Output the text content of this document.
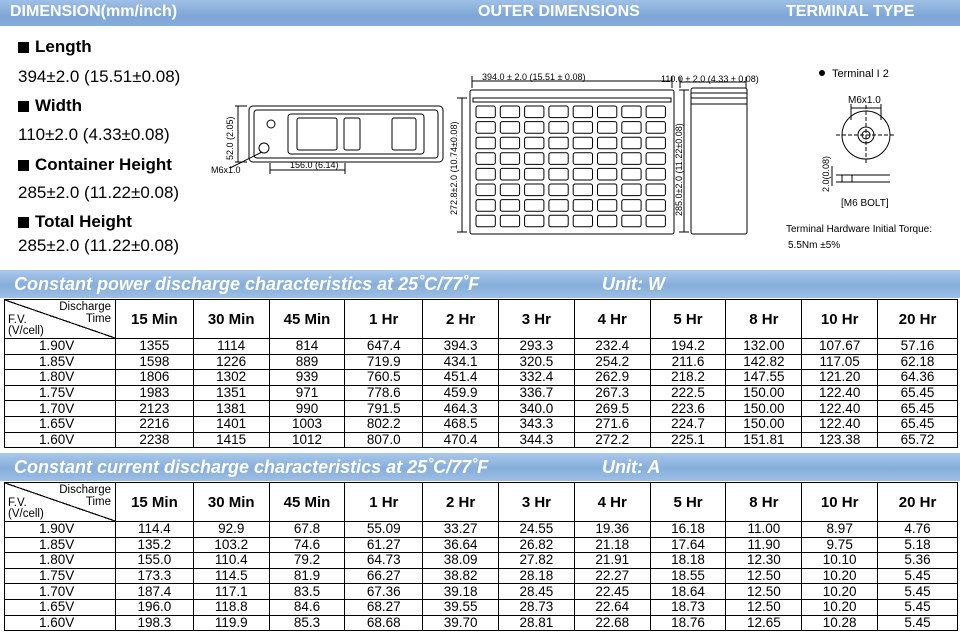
DIMENSION(mm/inch)	OUTER DIMENSIONS	TERMINAL TYPE
Length
394±2.0 (15.51±0.08)
Width
110±2.0 (4.33±0.08)
Container Height
285±2.0 (11.22±0.08)
Total Height
285±2.0 (11.22±0.08)
52.0 (2.05)
156.0 (6.14)
M6x1.0
394.0 ± 2.0 (15.51 ± 0.08)
272.8±2.0 (10.74±0.08)
110.0 ± 2.0 (4.33 ± 0.08)
285.0±2.0 (11.22±0.08)
Terminal I 2
M6x1.0
2.0(0.08)
[M6 BOLT]
Terminal Hardware Initial Torque:
5.5Nm ±5%
Constant power discharge characteristics at 25˚C/77˚F	Unit: W
Discharge
Time
F.V.
(V/cell)	15 Min	30 Min	45 Min	1 Hr	2 Hr	3 Hr	4 Hr	5 Hr	8 Hr	10 Hr	20 Hr
1.90V	1355	1114	814	647.4	394.3	293.3	232.4	194.2	132.00	107.67	57.16
1.85V	1598	1226	889	719.9	434.1	320.5	254.2	211.6	142.82	117.05	62.18
1.80V	1806	1302	939	760.5	451.4	332.4	262.9	218.2	147.55	121.20	64.36
1.75V	1983	1351	971	778.6	459.9	336.7	267.3	222.5	150.00	122.40	65.45
1.70V	2123	1381	990	791.5	464.3	340.0	269.5	223.6	150.00	122.40	65.45
1.65V	2216	1401	1003	802.2	468.5	343.3	271.6	224.7	150.00	122.40	65.45
1.60V	2238	1415	1012	807.0	470.4	344.3	272.2	225.1	151.81	123.38	65.72
Constant current discharge characteristics at 25˚C/77˚F	Unit: A
Discharge
Time
F.V.
(V/cell)	15 Min	30 Min	45 Min	1 Hr	2 Hr	3 Hr	4 Hr	5 Hr	8 Hr	10 Hr	20 Hr
1.90V	114.4	92.9	67.8	55.09	33.27	24.55	19.36	16.18	11.00	8.97	4.76
1.85V	135.2	103.2	74.6	61.27	36.64	26.82	21.18	17.64	11.90	9.75	5.18
1.80V	155.0	110.4	79.2	64.73	38.09	27.82	21.91	18.18	12.30	10.10	5.36
1.75V	173.3	114.5	81.9	66.27	38.82	28.18	22.27	18.55	12.50	10.20	5.45
1.70V	187.4	117.1	83.5	67.36	39.18	28.45	22.45	18.64	12.50	10.20	5.45
1.65V	196.0	118.8	84.6	68.27	39.55	28.73	22.64	18.73	12.50	10.20	5.45
1.60V	198.3	119.9	85.3	68.68	39.70	28.81	22.68	18.76	12.65	10.28	5.45
